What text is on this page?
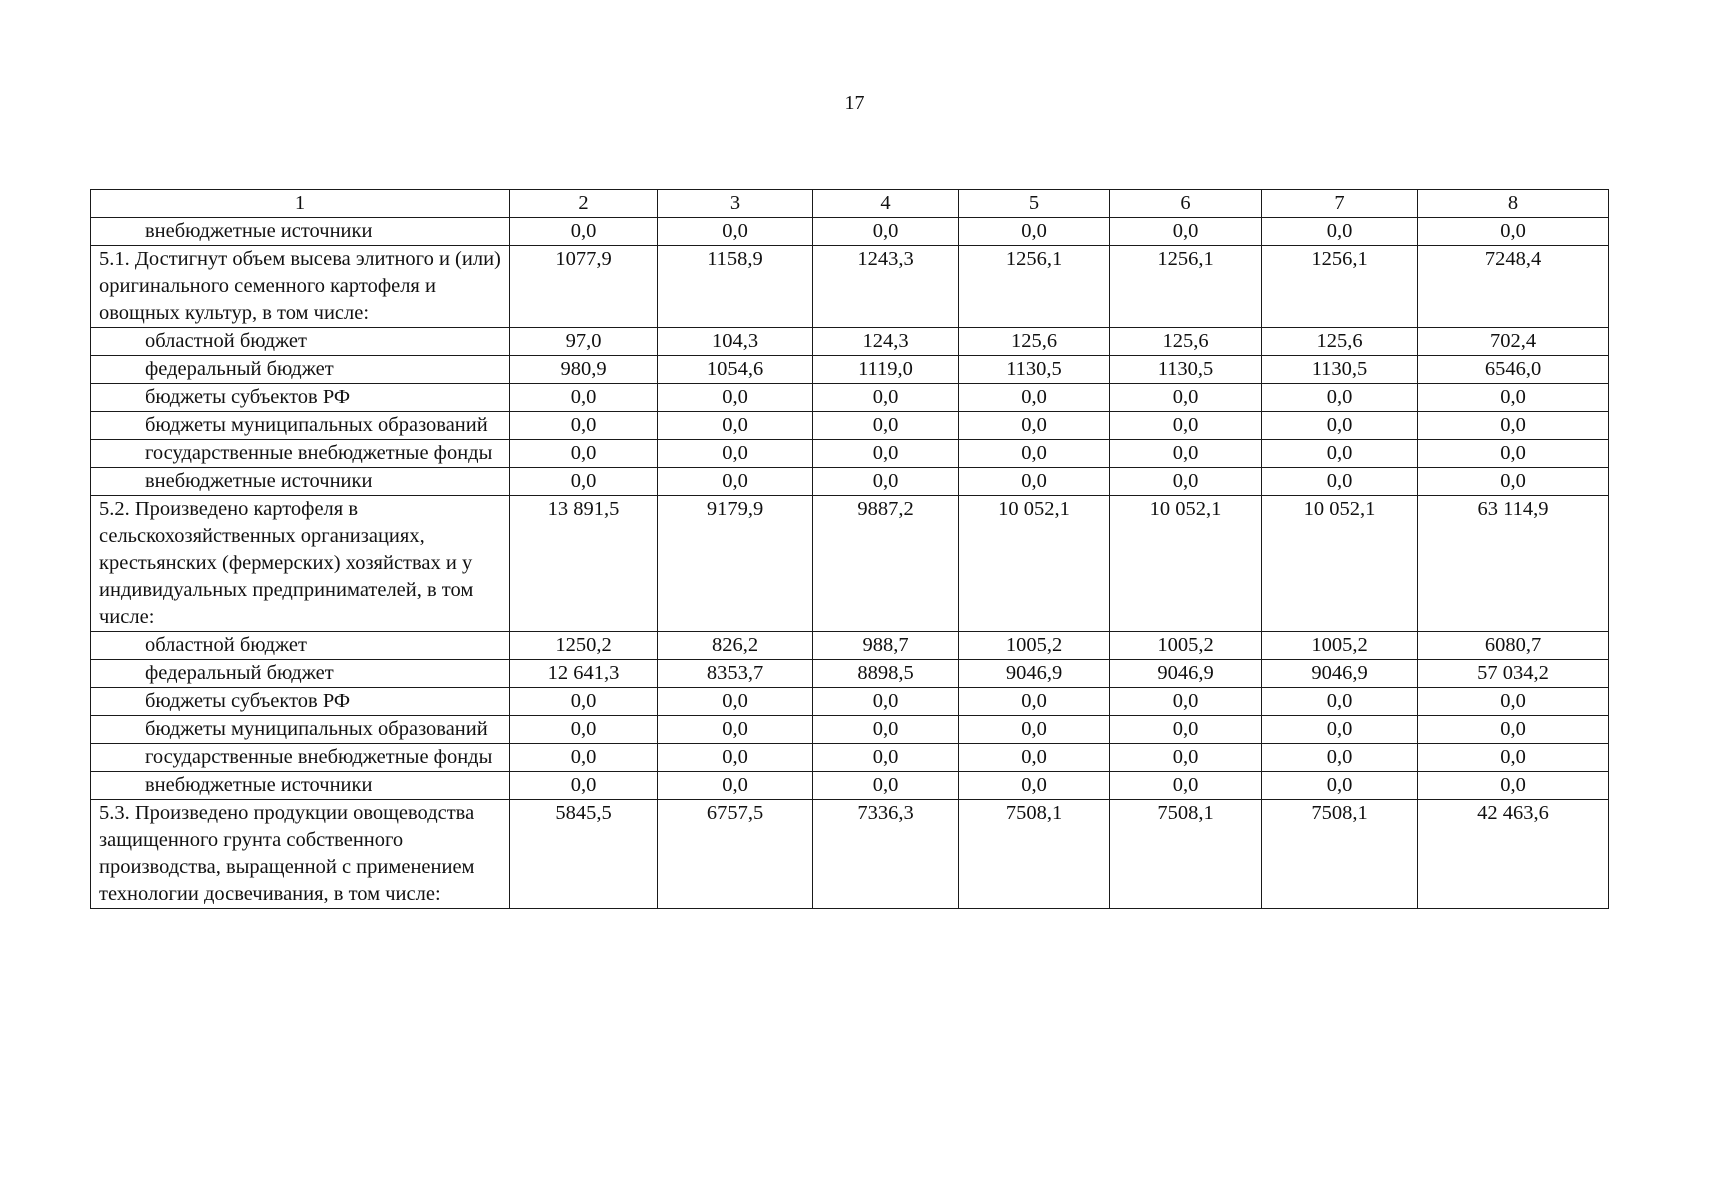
17
1	2	3	4	5	6	7	8
внебюджетные источники	0,0	0,0	0,0	0,0	0,0	0,0	0,0
5.1. Достигнут объем высева элитного и (или) оригинального семенного картофеля и овощных культур, в том числе:	1077,9	1158,9	1243,3	1256,1	1256,1	1256,1	7248,4
областной бюджет	97,0	104,3	124,3	125,6	125,6	125,6	702,4
федеральный бюджет	980,9	1054,6	1119,0	1130,5	1130,5	1130,5	6546,0
бюджеты субъектов РФ	0,0	0,0	0,0	0,0	0,0	0,0	0,0
бюджеты муниципальных образований	0,0	0,0	0,0	0,0	0,0	0,0	0,0
государственные внебюджетные фонды	0,0	0,0	0,0	0,0	0,0	0,0	0,0
внебюджетные источники	0,0	0,0	0,0	0,0	0,0	0,0	0,0
5.2. Произведено картофеля в сельскохозяйственных организациях, крестьянских (фермерских) хозяйствах и у индивидуальных предпринимателей, в том числе:	13 891,5	9179,9	9887,2	10 052,1	10 052,1	10 052,1	63 114,9
областной бюджет	1250,2	826,2	988,7	1005,2	1005,2	1005,2	6080,7
федеральный бюджет	12 641,3	8353,7	8898,5	9046,9	9046,9	9046,9	57 034,2
бюджеты субъектов РФ	0,0	0,0	0,0	0,0	0,0	0,0	0,0
бюджеты муниципальных образований	0,0	0,0	0,0	0,0	0,0	0,0	0,0
государственные внебюджетные фонды	0,0	0,0	0,0	0,0	0,0	0,0	0,0
внебюджетные источники	0,0	0,0	0,0	0,0	0,0	0,0	0,0
5.3. Произведено продукции овощеводства защищенного грунта собственного производства, выращенной с применением технологии досвечивания, в том числе:	5845,5	6757,5	7336,3	7508,1	7508,1	7508,1	42 463,6
